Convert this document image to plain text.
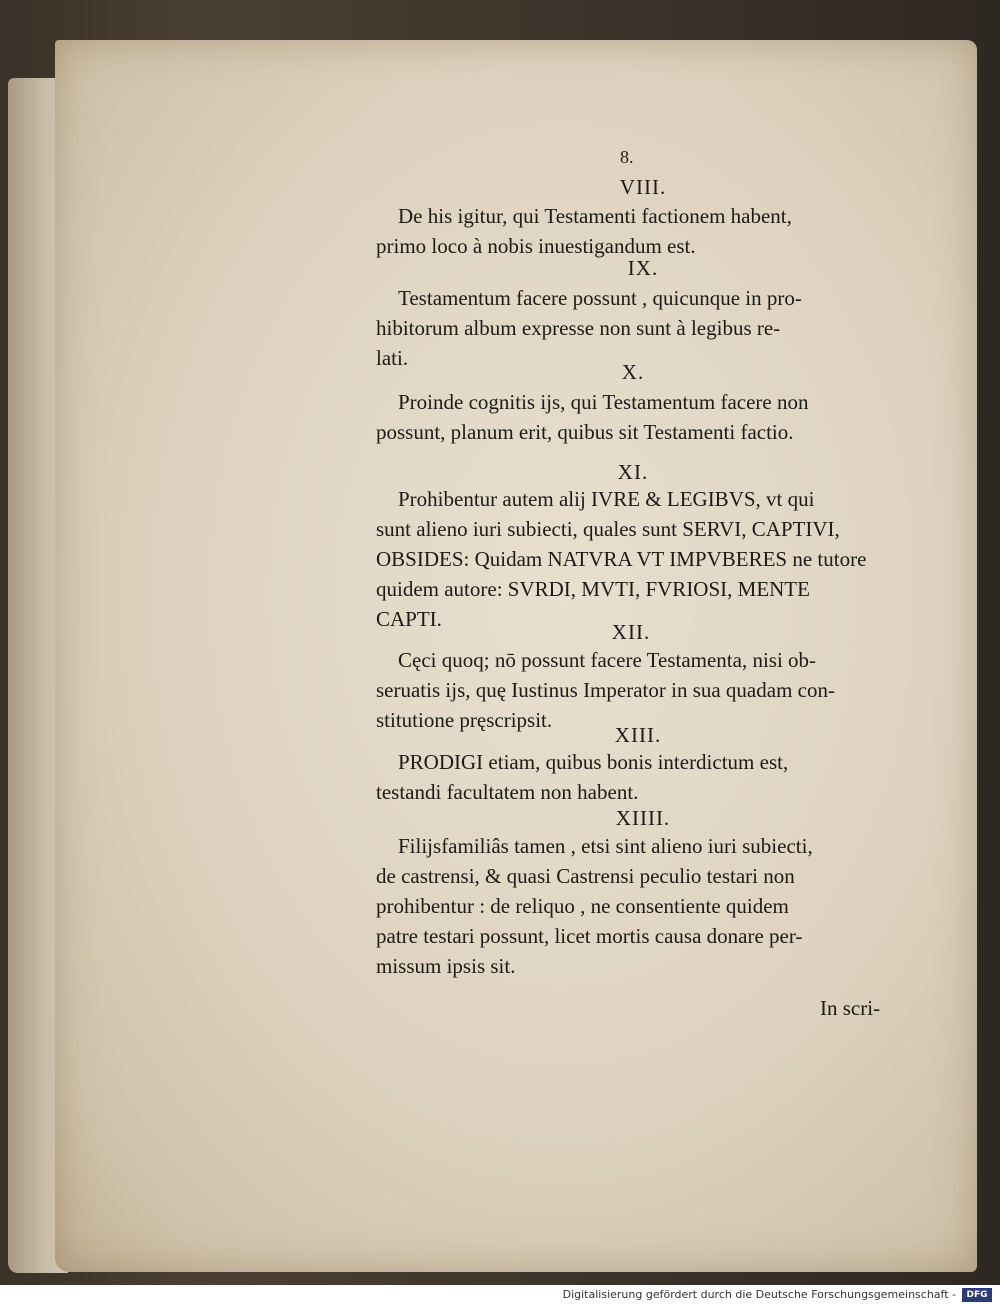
8.
VIII.
De his igitur, qui Testamenti factionem habent,
primo loco à nobis inuestigandum est.
IX.
Testamentum facere possunt , quicunque in pro-
hibitorum album expresse non sunt à legibus re-
lati.
X.
Proinde cognitis ijs, qui Testamentum facere non
possunt, planum erit, quibus sit Testamenti factio.
XI.
Prohibentur autem alij IVRE & LEGIBVS, vt qui
sunt alieno iuri subiecti, quales sunt SERVI, CAPTIVI,
OBSIDES: Quidam NATVRA VT IMPVBERES ne tutore
quidem autore: SVRDI, MVTI, FVRIOSI, MENTE
CAPTI.
XII.
Cęci quoq; nō possunt facere Testamenta, nisi ob-
seruatis ijs, quę Iustinus Imperator in sua quadam con-
stitutione pręscripsit.
XIII.
PRODIGI etiam, quibus bonis interdictum est,
testandi facultatem non habent.
XIIII.
Filijsfamiliâs tamen , etsi sint alieno iuri subiecti,
de castrensi, & quasi Castrensi peculio testari non
prohibentur : de reliquo , ne consentiente quidem
patre testari possunt, licet mortis causa donare per-
missum ipsis sit.
In scri-
Digitalisierung gefördert durch die Deutsche Forschungsgemeinschaft -	DFG
